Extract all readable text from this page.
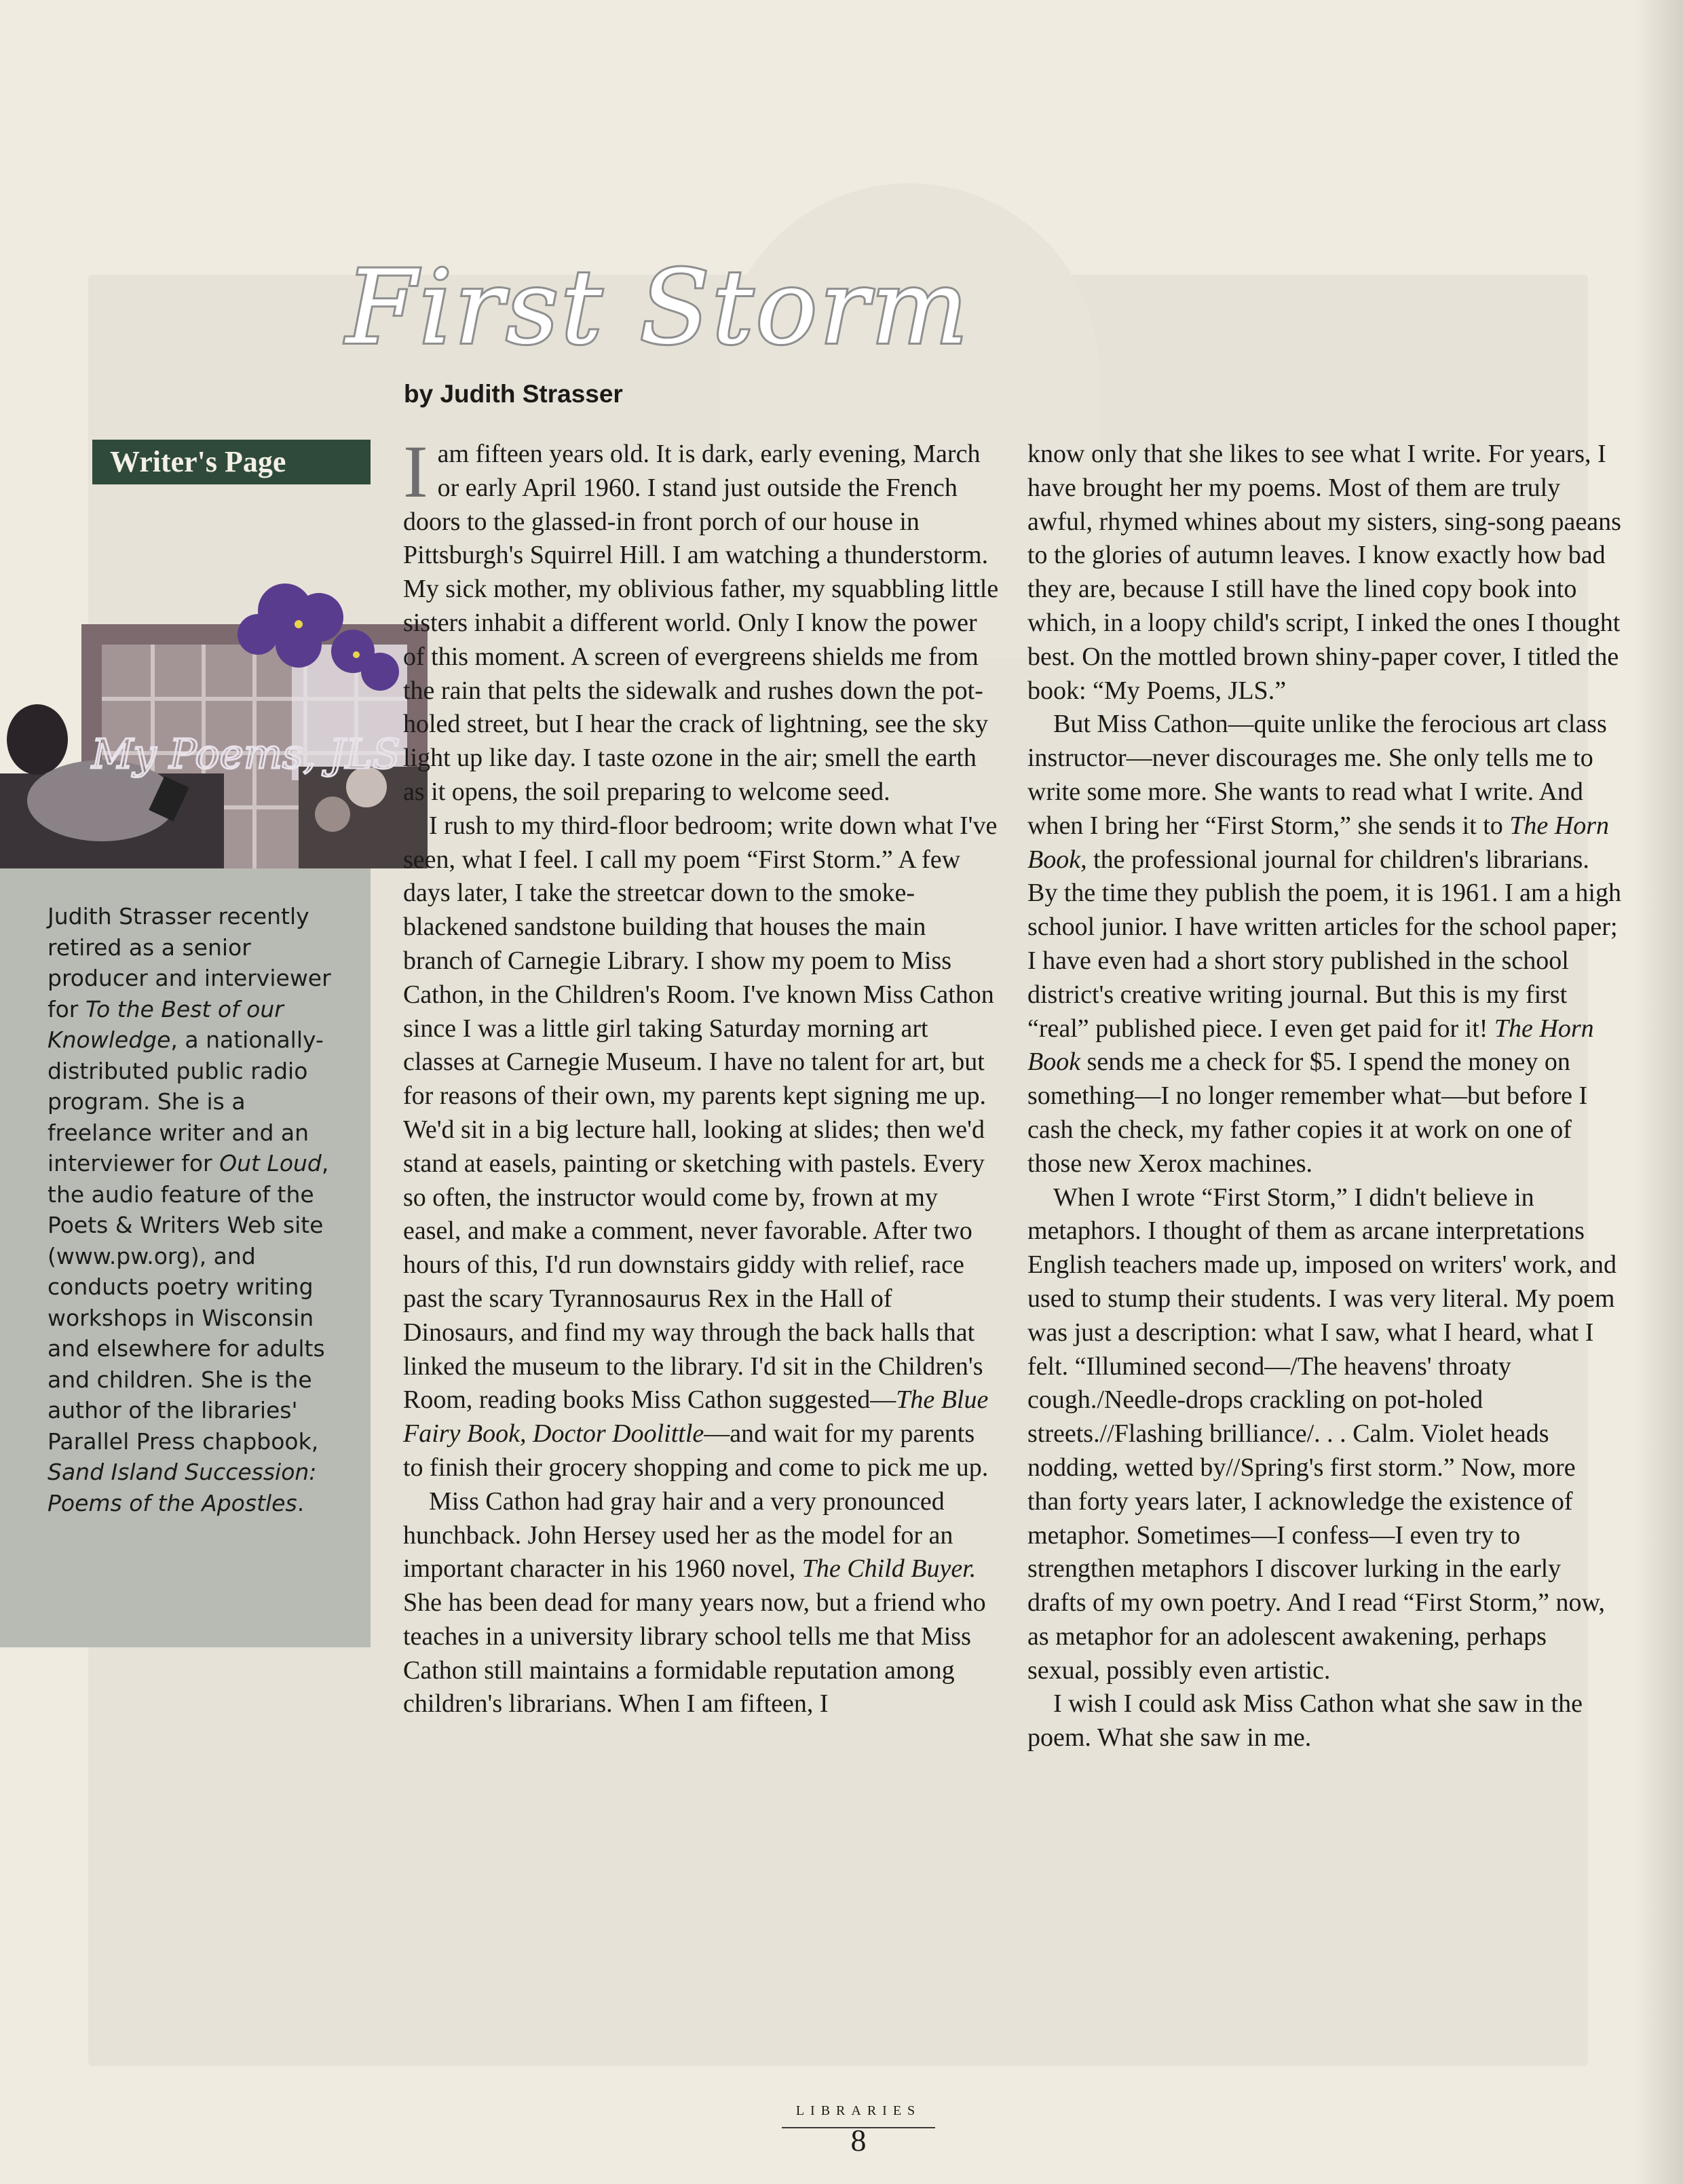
First Storm
by Judith Strasser
Writer's Page
My Poems, JLS

Judith Strasser recently retired as a senior producer and interviewer for To the Best of our Knowledge, a nationally-distributed public radio program. She is a freelance writer and an interviewer for Out Loud, the audio feature of the Poets & Writers Web site (www.pw.org), and conducts poetry writing workshops in Wisconsin and elsewhere for adults and children. She is the author of the libraries' Parallel Press chapbook, Sand Island Succession: Poems of the Apostles.

I am fifteen years old. It is dark, early evening, March or early April 1960. I stand just outside the French doors to the glassed-in front porch of our house in Pittsburgh's Squirrel Hill. I am watching a thunderstorm. My sick mother, my oblivious father, my squabbling little sisters inhabit a different world. Only I know the power of this moment. A screen of evergreens shields me from the rain that pelts the sidewalk and rushes down the pot-holed street, but I hear the crack of lightning, see the sky light up like day. I taste ozone in the air; smell the earth as it opens, the soil preparing to welcome seed.

I rush to my third-floor bedroom; write down what I've seen, what I feel. I call my poem “First Storm.” A few days later, I take the streetcar down to the smoke-blackened sandstone building that houses the main branch of Carnegie Library. I show my poem to Miss Cathon, in the Children's Room. I've known Miss Cathon since I was a little girl taking Saturday morning art classes at Carnegie Museum. I have no talent for art, but for reasons of their own, my parents kept signing me up. We'd sit in a big lecture hall, looking at slides; then we'd stand at easels, painting or sketching with pastels. Every so often, the instructor would come by, frown at my easel, and make a comment, never favorable. After two hours of this, I'd run downstairs giddy with relief, race past the scary Tyrannosaurus Rex in the Hall of Dinosaurs, and find my way through the back halls that linked the museum to the library. I'd sit in the Children's Room, reading books Miss Cathon suggested—The Blue Fairy Book, Doctor Doolittle—and wait for my parents to finish their grocery shopping and come to pick me up.

Miss Cathon had gray hair and a very pronounced hunchback. John Hersey used her as the model for an important character in his 1960 novel, The Child Buyer. She has been dead for many years now, but a friend who teaches in a university library school tells me that Miss Cathon still maintains a formidable reputation among children's librarians. When I am fifteen, I

know only that she likes to see what I write. For years, I have brought her my poems. Most of them are truly awful, rhymed whines about my sisters, sing-song paeans to the glories of autumn leaves. I know exactly how bad they are, because I still have the lined copy book into which, in a loopy child's script, I inked the ones I thought best. On the mottled brown shiny-paper cover, I titled the book: “My Poems, JLS.”

But Miss Cathon—quite unlike the ferocious art class instructor—never discourages me. She only tells me to write some more. She wants to read what I write. And when I bring her “First Storm,” she sends it to The Horn Book, the professional journal for children's librarians. By the time they publish the poem, it is 1961. I am a high school junior. I have written articles for the school paper; I have even had a short story published in the school district's creative writing journal. But this is my first “real” published piece. I even get paid for it! The Horn Book sends me a check for $5. I spend the money on something—I no longer remember what—but before I cash the check, my father copies it at work on one of those new Xerox machines.

When I wrote “First Storm,” I didn't believe in metaphors. I thought of them as arcane interpretations English teachers made up, imposed on writers' work, and used to stump their students. I was very literal. My poem was just a description: what I saw, what I heard, what I felt. “Illumined second—/The heavens' throaty cough./Needle-drops crackling on pot-holed streets.//Flashing brilliance/. . . Calm. Violet heads nodding, wetted by//Spring's first storm.” Now, more than forty years later, I acknowledge the existence of metaphor. Sometimes—I confess—I even try to strengthen metaphors I discover lurking in the early drafts of my own poetry. And I read “First Storm,” now, as metaphor for an adolescent awakening, perhaps sexual, possibly even artistic.

I wish I could ask Miss Cathon what she saw in the poem. What she saw in me.

LIBRARIES
8
